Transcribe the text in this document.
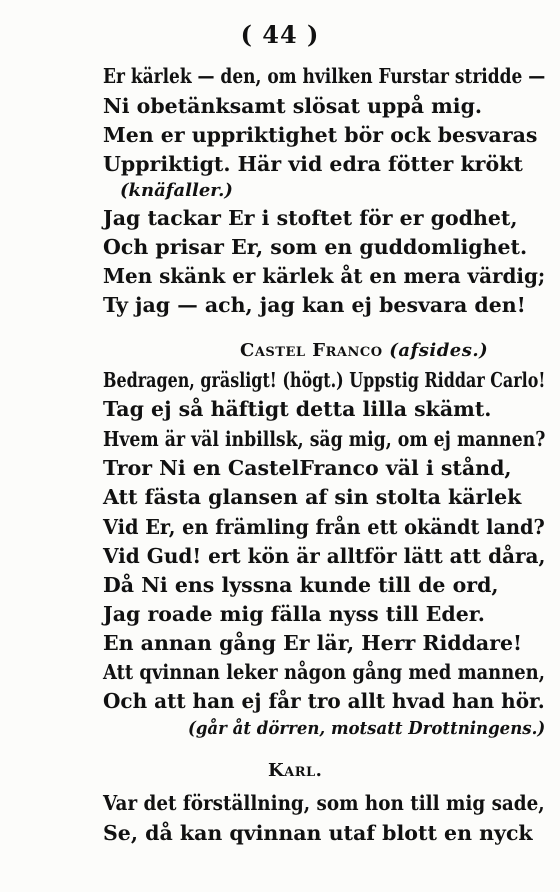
( 44 )
Er kärlek — den, om hvilken Furstar stridde —
Ni obetänksamt slösat uppå mig.
Men er uppriktighet bör ock besvaras
Uppriktigt. Här vid edra fötter krökt
(knäfaller.)
Jag tackar Er i stoftet för er godhet,
Och prisar Er, som en guddomlighet.
Men skänk er kärlek åt en mera värdig;
Ty jag — ach, jag kan ej besvara den!
Castel Franco (afsides.)
Bedragen, gräsligt! (högt.) Uppstig Riddar Carlo!
Tag ej så häftigt detta lilla skämt.
Hvem är väl inbillsk, säg mig, om ej mannen?
Tror Ni en CastelFranco väl i stånd,
Att fästa glansen af sin stolta kärlek
Vid Er, en främling från ett okändt land?
Vid Gud! ert kön är alltför lätt att dåra,
Då Ni ens lyssna kunde till de ord,
Jag roade mig fälla nyss till Eder.
En annan gång Er lär, Herr Riddare!
Att qvinnan leker någon gång med mannen,
Och att han ej får tro allt hvad han hör.
(går åt dörren, motsatt Drottningens.)
Karl.
Var det förställning, som hon till mig sade,
Se, då kan qvinnan utaf blott en nyck
